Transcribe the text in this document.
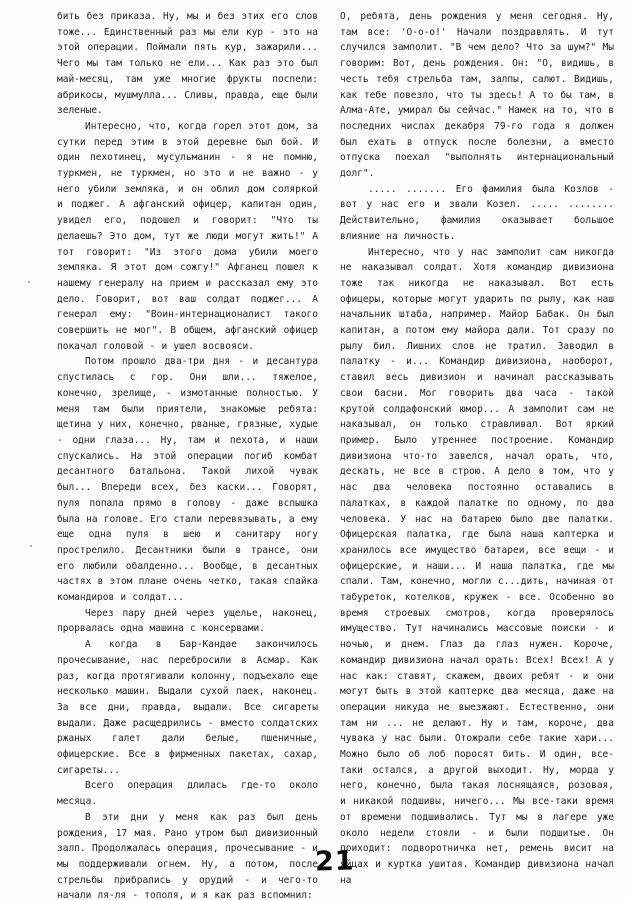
бить без приказа. Ну, мы и без этих его слов тоже... Единственный раз мы ели кур - это на этой операции. Поймали пять кур, зажарили... Чего мы там только не ели... Как раз это был май-месяц, там уже многие фрукты поспели: абрикосы, мушмулла... Сливы, правда, еще были зеленые.

Интересно, что, когда горел этот дом, за сутки перед этим в этой деревне был бой. И один пехотинец, мусульманин - я не помню, туркмен, не туркмен, но это и не важно - у него убили земляка, и он облил дом соляркой и поджег. А афганский офицер, капитан один, увидел его, подошел и говорит: "Что ты делаешь? Это дом, тут же люди могут жить!" А тот говорит: "Из этого дома убили моего земляка. Я этот дом сожгу!" Афганец пошел к нашему генералу на прием и рассказал ему это дело. Говорит, вот ваш солдат поджег... А генерал ему: "Воин-интернационалист такого совершить не мог". В общем, афганский офицер покачал головой - и ушел восвояси.

Потом прошло два-три дня - и десантура спустилась с гор. Они шли... тяжелое, конечно, зрелище, - измотанные полностью. У меня там были приятели, знакомые ребята: щетина у них, конечно, рваные, грязные, худые - одни глаза... Ну, там и пехота, и наши спускались. На этой операции погиб комбат десантного батальона. Такой лихой чувак был... Впереди всех, без каски... Говорят, пуля попала прямо в голову - даже вспышка была на голове. Его стали перевязывать, а ему еще одна пуля в шею и санитару ногу прострелило. Десантники были в трансе, они его любили обалденно... Вообще, в десантных частях в этом плане очень четко, такая спайка командиров и солдат...

Через пару дней через ущелье, наконец, прорвалась одна машина с консервами.

А когда в Бар-Кандае закончилось прочесывание, нас перебросили в Асмар. Как раз, когда протягивали колонну, подъехало еще несколько машин. Выдали сухой паек, наконец. За все дни, правда, выдали. Все сигареты выдали. Даже расщедрились - вместо солдатских ржаных галет дали белые, пшеничные, офицерские. Все в фирменных пакетах, сахар, сигареты...

Всего операция длилась где-то около месяца.

В эти дни у меня как раз был день рождения, 17 мая. Рано утром был дивизионный залп. Продолжалась операция, прочесывание - и мы поддерживали огнем. Ну, а потом, после стрельбы прибрались у орудий - и чего-то начали ля-ля - тополя, и я как раз вспомнил:

О, ребята, день рождения у меня сегодня. Ну, там все: 'О-о-о!' Начали поздравлять. И тут случился замполит. "В чем дело? Что за шум?" Мы говорим: Вот, день рождения. Он: "О, видишь, в честь тебя стрельба там, залпы, салют. Видишь, как тебе повезло, что ты здесь! А то бы там, в Алма-Ате, умирал бы сейчас." Намек на то, что в последних числах декабря 79-го года я должен был ехать в отпуск после болезни, а вместо отпуска поехал "выполнять интернациональный долг".

..... ....... Его фамилия была Козлов - вот у нас его и звали Козел. ..... ........ Действительно, фамилия оказывает большое влияние на личность.

Интересно, что у нас замполит сам никогда не наказывал солдат. Хотя командир дивизиона тоже так никогда не наказывал. Вот есть офицеры, которые могут ударить по рылу, как наш начальник штаба, например. Майор Бабак. Он был капитан, а потом ему майора дали. Тот сразу по рылу бил. Лишних слов не тратил. Заводил в палатку - и... Командир дивизиона, наоборот, ставил весь дивизион и начинал рассказывать свои басни. Мог говорить два часа - такой крутой солдафонский юмор... А замполит сам не наказывал, он только стравливал. Вот яркий пример. Было утреннее построение. Командир дивизиона что-то завелся, начал орать, что, дескать, не все в строю. А дело в том, что у нас два человека постоянно оставались в палатках, в каждой палатке по одному, по два человека. У нас на батарею было две палатки. Офицерская палатка, где была наша каптерка и хранилось все имущество батареи, все вещи - и офицерские, и наши... И наша палатка, где мы спали. Там, конечно, могли с...дить, начиная от табуреток, котелков, кружек - все. Особенно во время строевых смотров, когда проверялось имущество. Тут начинались массовые поиски - и ночью, и днем. Глаз да глаз нужен. Короче, командир дивизиона начал орать: Всех! Всех! А у нас как: ставят, скажем, двоих ребят - и они могут быть в этой каптерке два месяца, даже на операции никуда не выезжают. Естественно, они там ни ... не делают. Ну и там, короче, два чувака у нас были. Отожрали себе такие хари... Можно было об лоб поросят бить. И один, все-таки остался, а другой выходит. Ну, морда у него, конечно, была такая лоснящаяся, розовая, и никакой подшивы, ничего... Мы все-таки время от времени подшивались. Тут мы в лагере уже около недели стояли - и были подшитые. Он приходит: подворотничка нет, ремень висит на яйцах и куртка ушитая. Командир дивизиона начал на

21
